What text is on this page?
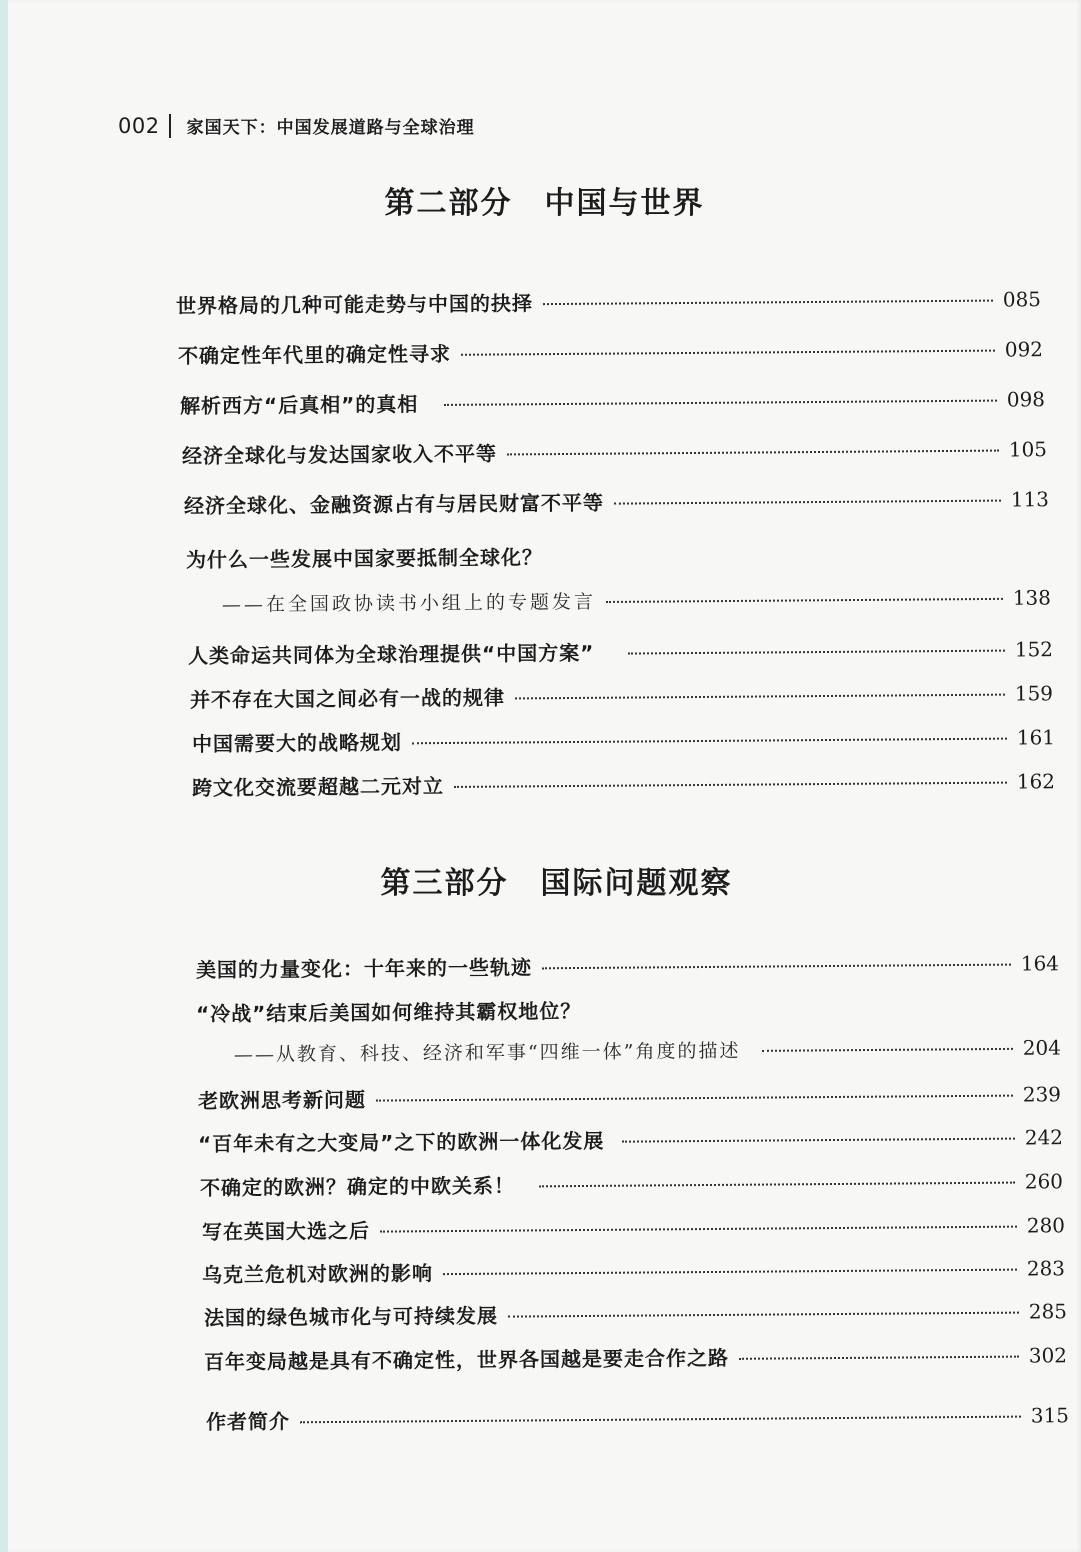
002 家国天下：中国发展道路与全球治理
第二部分　中国与世界
世界格局的几种可能走势与中国的抉择	085
不确定性年代里的确定性寻求	092
解析西方“后真相”的真相	098
经济全球化与发达国家收入不平等	105
经济全球化、金融资源占有与居民财富不平等	113
为什么一些发展中国家要抵制全球化？
——在全国政协读书小组上的专题发言	138
人类命运共同体为全球治理提供“中国方案”	152
并不存在大国之间必有一战的规律	159
中国需要大的战略规划	161
跨文化交流要超越二元对立	162
第三部分　国际问题观察
美国的力量变化：十年来的一些轨迹	164
“冷战”结束后美国如何维持其霸权地位？
——从教育、科技、经济和军事“四维一体”角度的描述	204
老欧洲思考新问题	239
“百年未有之大变局”之下的欧洲一体化发展	242
不确定的欧洲？确定的中欧关系！	260
写在英国大选之后	280
乌克兰危机对欧洲的影响	283
法国的绿色城市化与可持续发展	285
百年变局越是具有不确定性，世界各国越是要走合作之路	302
作者简介	315
